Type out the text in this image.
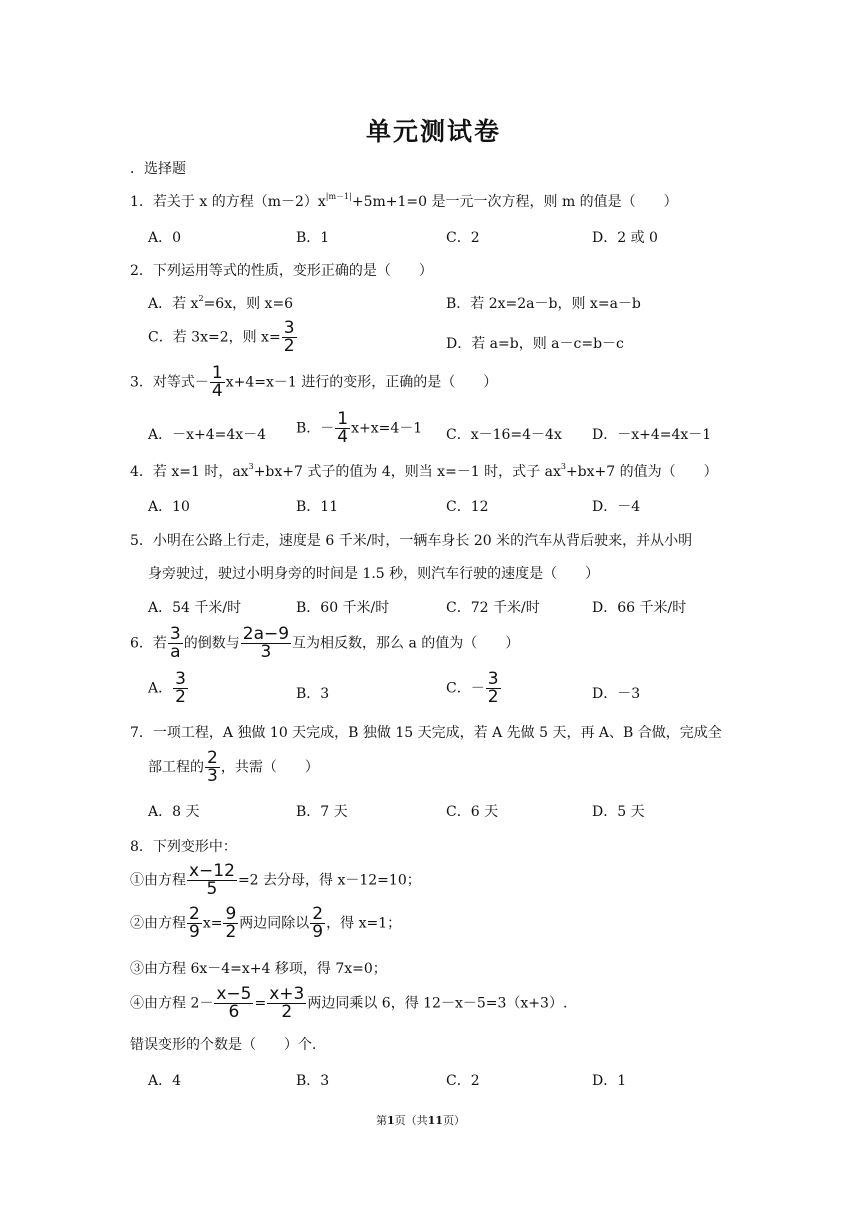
单元测试卷
．选择题
1．若关于 x 的方程$(m-2)x^{|m-1|}+5m+1=0$ 是一元一次方程，则 m 的值是（　　）
A．0	B．1	C．2	D．2 或 0
2．下列运用等式的性质，变形正确的是（　　）
A．若 $x^2=6x$，则 x=6	B．若 2x=2a－b，则 x=a－b
C．若 3x=2，则 $x= \frac{3}{2}$	D．若 a=b，则 a－c=b－c
3．对等式－ $\frac{1}{4} x+4=x-1$ 进行的变形，正确的是（　　）
A．－x+4=4x－4 B．－ $\frac{1}{4} x+x=4-1$ C．x－16=4－4x D．－x+4=4x－1
4．若 x=1 时，$ax^3+bx+7$ 式子的值为 4，则当 x=－1 时，式子 $ax^3+bx+7$ 的值为（　　）
A．10	B．11	C．12	D．－4
5．小明在公路上行走，速度是 6 千米/时，一辆车身长 20 米的汽车从背后驶来，并从小明
身旁驶过，驶过小明身旁的时间是 1.5 秒，则汽车行驶的速度是（　　）
A．54 千米/时	B．60 千米/时	C．72 千米/时	D．66 千米/时
6．若 $\frac{3}{a}$ 的倒数与 $\frac{2a-9}{3}$ 互为相反数，那么 a 的值为（　　）
A． $\frac{3}{2}$	B．3	C．－ $\frac{3}{2}$	D．－3
7．一项工程，A 独做 10 天完成，B 独做 15 天完成，若 A 先做 5 天，再 A、B 合做，完成全
部工程的 $\frac{2}{3}$ ，共需（　　）
A．8 天	B．7 天	C．6 天	D．5 天
8．下列变形中：
①由方程 $\frac{x-12}{5} =2$ 去分母，得 x－12=10；
②由方程 $\frac{2}{9} x= \frac{9}{2}$ 两边同除以 $\frac{2}{9}$ ，得 x=1；
③由方程 6x－4=x+4 移项，得 7x=0；
④由方程 $2- \frac{x-5}{6} = \frac{x+3}{2}$ 两边同乘以 6，得 12－x－5=3（x+3）.
错误变形的个数是（　　）个．
A．4	B．3	C．2	D．1
第1页（共11页）
